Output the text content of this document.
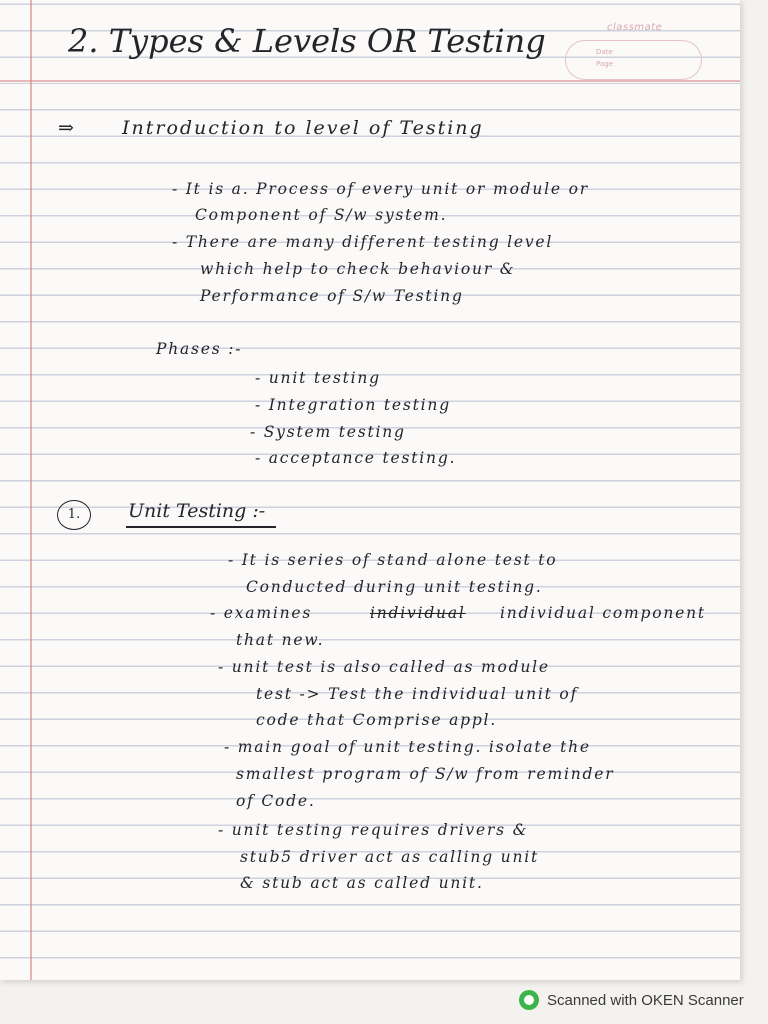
classmate
Date
Page
2. Types & Levels OR Testing
⇒	Introduction to level of Testing
- It is a. Process of every unit or module or
Component of S/w system.
- There are many different testing level
which help to check behaviour &
Performance of S/w Testing
Phases :-
- unit testing
- Integration testing
- System testing
- acceptance testing.
1.	Unit Testing :-
- It is series of stand alone test to
Conducted during unit testing.
- examines	individual individual component
that new.
- unit test is also called as module
test -> Test the individual unit of
code that Comprise appl.
- main goal of unit testing. isolate the
smallest program of S/w from reminder
of Code.
- unit testing requires drivers &
stub5 driver act as calling unit
& stub act as called unit.
Scanned with OKEN Scanner
